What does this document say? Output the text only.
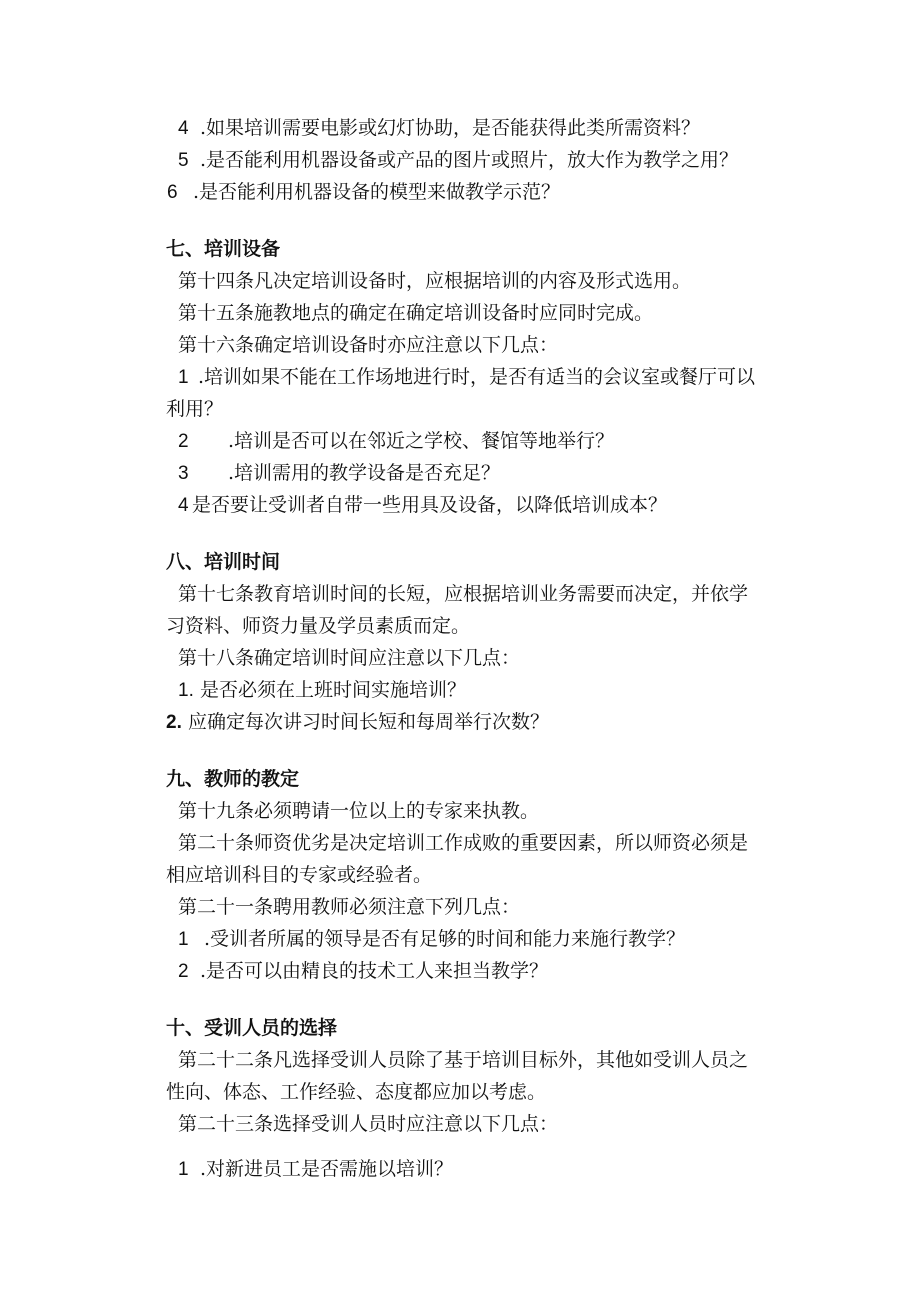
4 .如果培训需要电影或幻灯协助，是否能获得此类所需资料？
5 .是否能利用机器设备或产品的图片或照片，放大作为教学之用？
6 .是否能利用机器设备的模型来做教学示范？
七、培训设备
第十四条凡决定培训设备时，应根据培训的内容及形式选用。
第十五条施教地点的确定在确定培训设备时应同时完成。
第十六条确定培训设备时亦应注意以下几点：
1 .培训如果不能在工作场地进行时，是否有适当的会议室或餐厅可以
利用？
2 .培训是否可以在邻近之学校、餐馆等地举行？
3 .培训需用的教学设备是否充足？
4 是否要让受训者自带一些用具及设备，以降低培训成本？
八、培训时间
第十七条教育培训时间的长短，应根据培训业务需要而决定，并依学
习资料、师资力量及学员素质而定。
第十八条确定培训时间应注意以下几点：
1. 是否必须在上班时间实施培训？
2. 应确定每次讲习时间长短和每周举行次数？
九、教师的教定
第十九条必须聘请一位以上的专家来执教。
第二十条师资优劣是决定培训工作成败的重要因素，所以师资必须是
相应培训科目的专家或经验者。
第二十一条聘用教师必须注意下列几点：
1 .受训者所属的领导是否有足够的时间和能力来施行教学？
2 .是否可以由精良的技术工人来担当教学？
十、受训人员的选择
第二十二条凡选择受训人员除了基于培训目标外，其他如受训人员之
性向、体态、工作经验、态度都应加以考虑。
第二十三条选择受训人员时应注意以下几点：
1 .对新进员工是否需施以培训？
